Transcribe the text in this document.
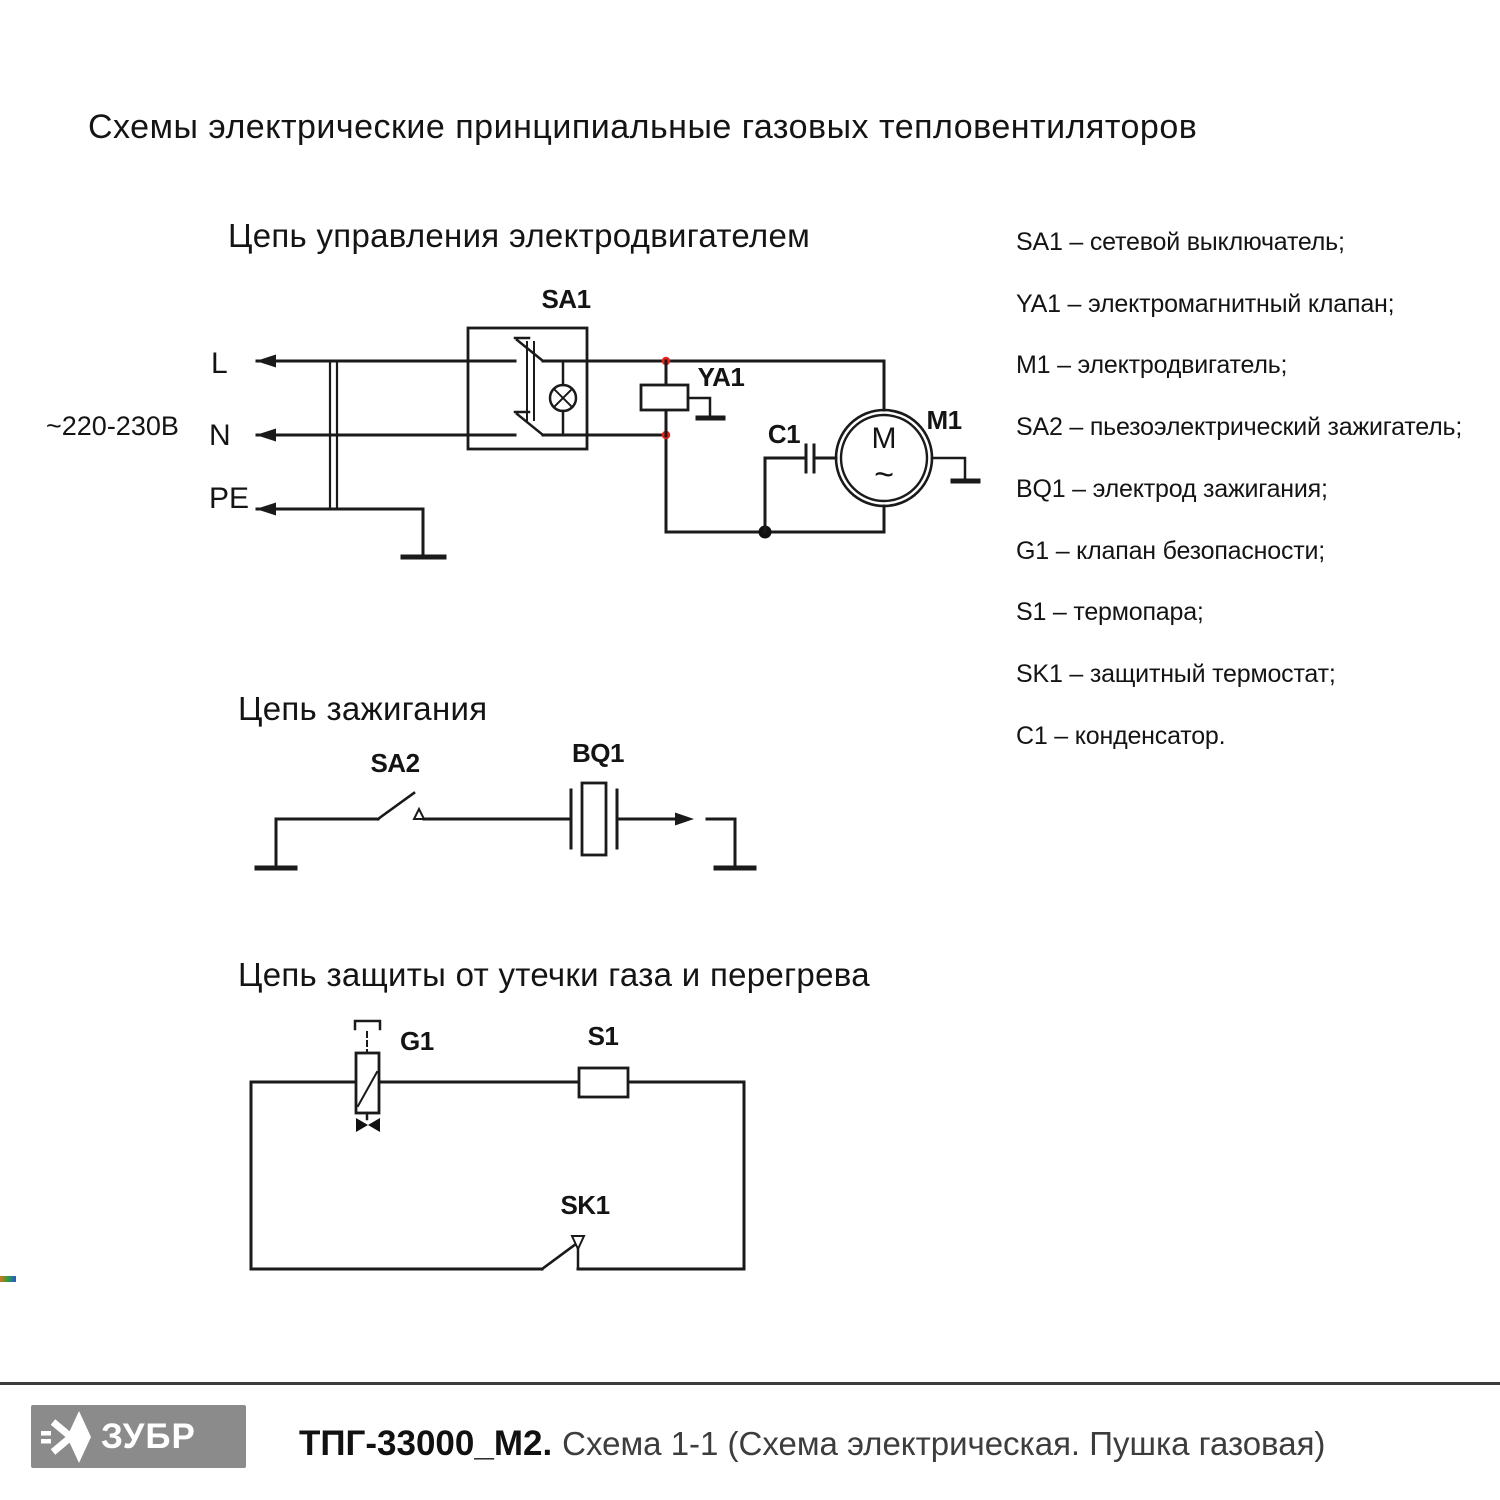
Схемы электрические принципиальные газовых тепловентиляторов
Цепь управления электродвигателем
Цепь зажигания
Цепь защиты от утечки газа и перегрева
~220-230В
L
N
PE
SA1
YA1
C1	M1
M
~
SA2	BQ1
G1	S1
SK1
SA1 – сетевой выключатель;
YA1 – электромагнитный клапан;
M1 – электродвигатель;
SA2 – пьезоэлектрический зажигатель;
BQ1 – электрод зажигания;
G1 – клапан безопасности;
S1 – термопара;
SK1 – защитный термостат;
C1 – конденсатор.
ЗУБР	ТПГ-33000_М2. Схема 1-1 (Схема электрическая. Пушка газовая)
